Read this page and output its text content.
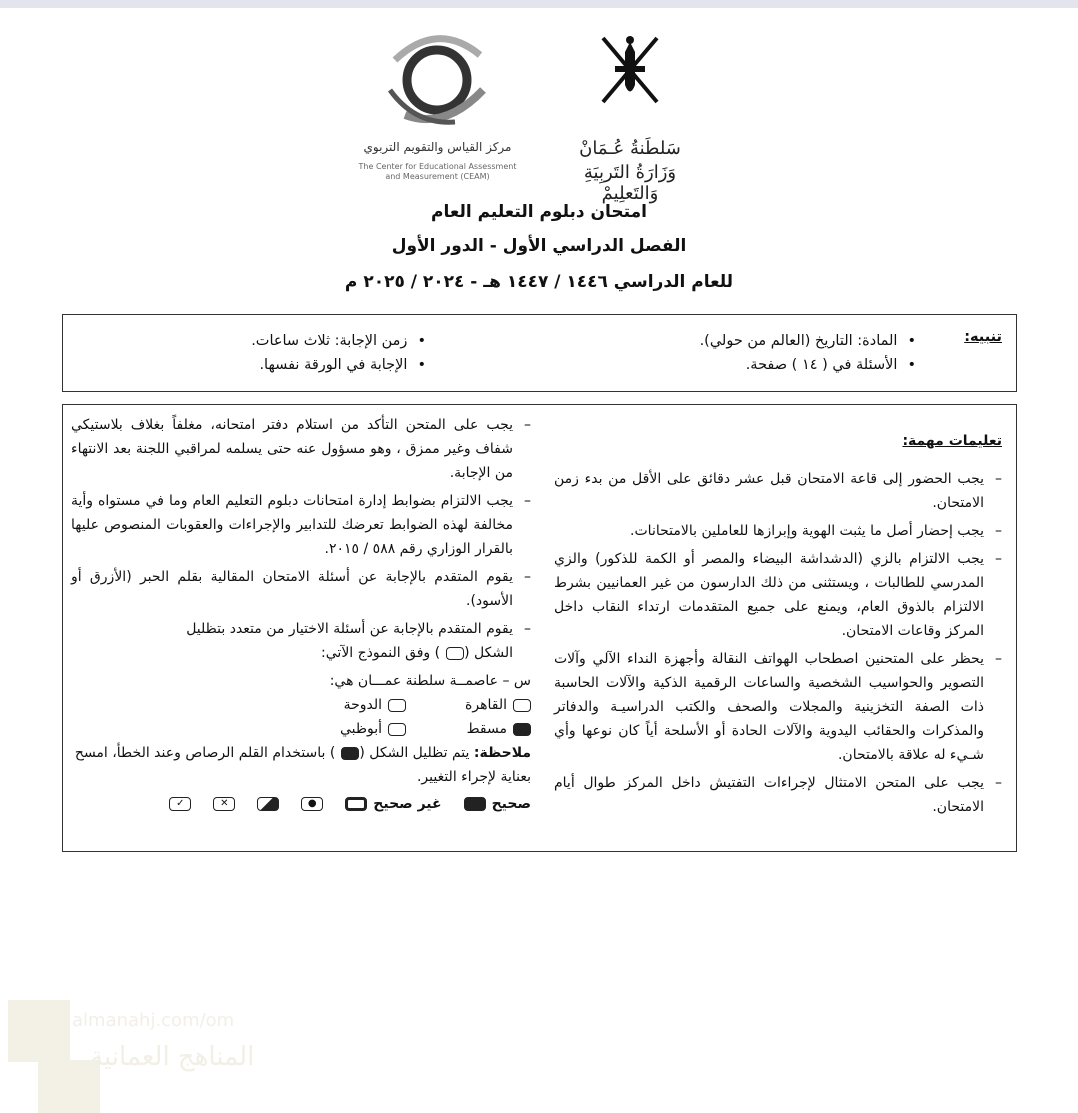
مركز القياس والتقويم التربوي
The Center for Educational Assessment
and Measurement (CEAM)
سَلطَنةُ عُـمَانْ
وَزَارَةُ التَربِيَةِ وَالتَعلِيمْ
امتحان دبلوم التعليم العام
الفصل الدراسي الأول - الدور الأول
للعام الدراسي ١٤٤٦ / ١٤٤٧ هـ - ٢٠٢٤ / ٢٠٢٥ م
تنبيه:
• المادة: التاريخ (العالم من حولي).
• الأسئلة في ( ١٤ ) صفحة.
• زمن الإجابة: ثلاث ساعات.
• الإجابة في الورقة نفسها.
تعليمات مهمة:
– يجب الحضور إلى قاعة الامتحان قبل عشر دقائق على الأقل من بدء زمن الامتحان.
– يجب إحضار أصل ما يثبت الهوية وإبرازها للعاملين بالامتحانات.
– يجب الالتزام بالزي (الدشداشة البيضاء والمصر أو الكمة للذكور) والزي المدرسي للطالبات ، ويستثنى من ذلك الدارسون من غير العمانيين بشرط الالتزام بالذوق العام، ويمنع على جميع المتقدمات ارتداء النقاب داخل المركز وقاعات الامتحان.
– يحظر على المتحنين اصطحاب الهواتف النقالة وأجهزة النداء الآلي وآلات التصوير والحواسيب الشخصية والساعات الرقمية الذكية والآلات الحاسبة ذات الصفة التخزينية والمجلات والصحف والكتب الدراسيـة والدفاتر والمذكرات والحقائب اليدوية والآلات الحادة أو الأسلحة أياً كان نوعها وأي شـيء له علاقة بالامتحان.
– يجب على المتحن الامتثال لإجراءات التفتيش داخل المركز طوال أيام الامتحان.
– يجب على المتحن التأكد من استلام دفتر امتحانه، مغلفاً بغلاف بلاستيكي شفاف وغير ممزق ، وهو مسؤول عنه حتى يسلمه لمراقبي اللجنة بعد الانتهاء من الإجابة.
– يجب الالتزام بضوابط إدارة امتحانات دبلوم التعليم العام وما في مستواه وأية مخالفة لهذه الضوابط تعرضك للتدابير والإجراءات والعقوبات المنصوص عليها بالقرار الوزاري رقم ٥٨٨ / ٢٠١٥.
– يقوم المتقدم بالإجابة عن أسئلة الامتحان المقالية بقلم الحبر (الأزرق أو الأسود).
– يقوم المتقدم بالإجابة عن أسئلة الاختيار من متعدد بتظليل
الشكل () وفق النموذج الآتي:
س – عاصمــة سلطنة عمـــان هي:
القاهرة
الدوحة
مسقط
أبوظبي
ملاحظة: يتم تظليل الشكل () باستخدام القلم الرصاص وعند الخطأ، امسح بعناية لإجراء التغيير.
صحيح
غير صحيح
●
✕
✓
almanahj.com/om
المناهج العمانية
